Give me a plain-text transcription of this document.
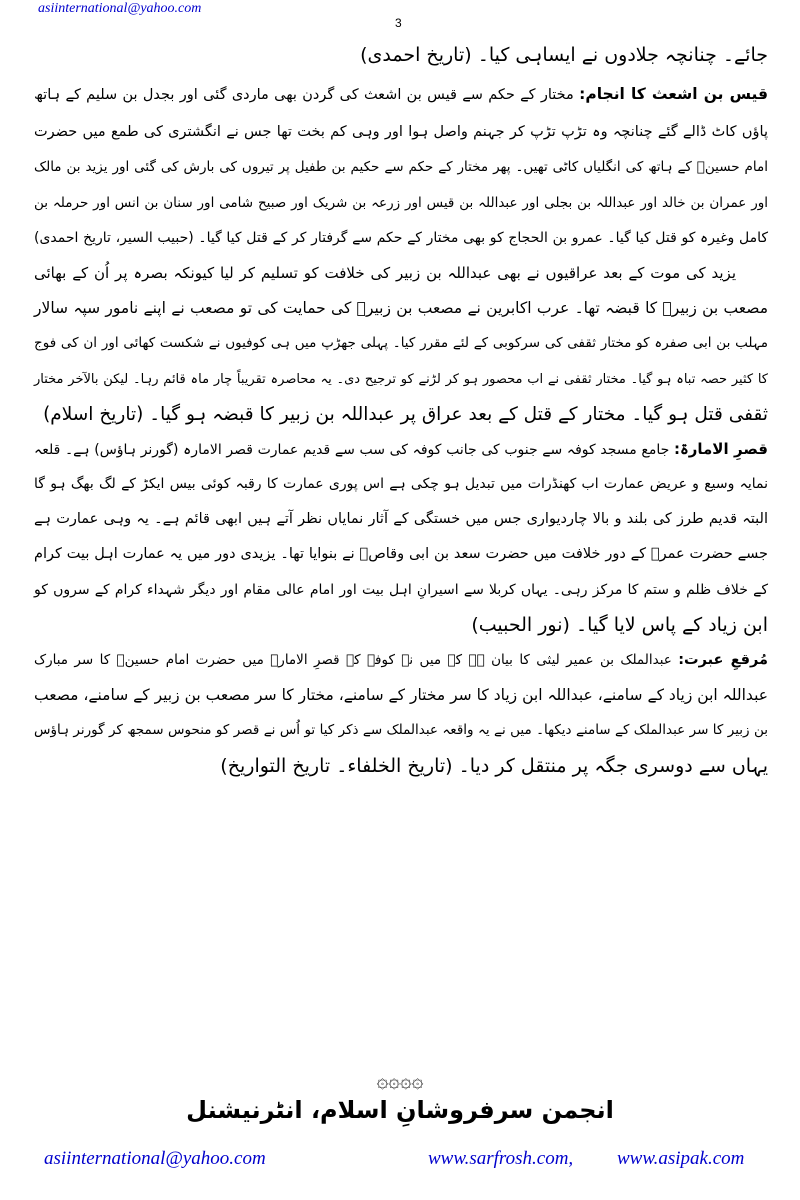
asiinternational@yahoo.com
3
جائے۔ چنانچہ جلادوں نے ایساہی کیا۔ (تاریخ احمدی)
قیس بن اشعث کا انجام: مختار کے حکم سے قیس بن اشعث کی گردن بھی ماردی گئی اور بجدل بن سلیم کے ہاتھ
پاؤں کاٹ ڈالے گئے چنانچہ وہ تڑپ تڑپ کر جہنم واصل ہوا اور وہی کم بخت تھا جس نے انگشتری کی طمع میں حضرت
امام حسینؑ کے ہاتھ کی انگلیاں کاٹی تھیں۔ پھر مختار کے حکم سے حکیم بن طفیل پر تیروں کی بارش کی گئی اور یزید بن مالک
اور عمران بن خالد اور عبداللہ بن بجلی اور عبداللہ بن قیس اور زرعہ بن شریک اور صبیح شامی اور سنان بن انس اور حرملہ بن
کامل وغیرہ کو قتل کیا گیا۔ عمرو بن الحجاج کو بھی مختار کے حکم سے گرفتار کر کے قتل کیا گیا۔ (حبیب السیر، تاریخ احمدی)
یزید کی موت کے بعد عراقیوں نے بھی عبداللہ بن زبیر کی خلافت کو تسلیم کر لیا کیونکہ بصرہ پر اُن کے بھائی
مصعب بن زبیرؓ کا قبضہ تھا۔ عرب اکابرین نے مصعب بن زبیرؓ کی حمایت کی تو مصعب نے اپنے نامور سپہ سالار
مہلب بن ابی صفرہ کو مختار ثقفی کی سرکوبی کے لئے مقرر کیا۔ پہلی جھڑپ میں ہی کوفیوں نے شکست کھائی اور ان کی فوج
کا کثیر حصہ تباہ ہو گیا۔ مختار ثقفی نے اب محصور ہو کر لڑنے کو ترجیح دی۔ یہ محاصرہ تقریباً چار ماہ قائم رہا۔ لیکن بالآخر مختار
ثقفی قتل ہو گیا۔ مختار کے قتل کے بعد عراق پر عبداللہ بن زبیر کا قبضہ ہو گیا۔ (تاریخ اسلام)
قصرِ الامارۃ: جامع مسجد کوفہ سے جنوب کی جانب کوفہ کی سب سے قدیم عمارت قصر الامارہ (گورنر ہاؤس) ہے۔ قلعہ
نمایہ وسیع و عریض عمارت اب کھنڈرات میں تبدیل ہو چکی ہے اس پوری عمارت کا رقبہ کوئی بیس ایکڑ کے لگ بھگ ہو گا
البتہ قدیم طرز کی بلند و بالا چاردیواری جس میں خستگی کے آثار نمایاں نظر آتے ہیں ابھی قائم ہے۔ یہ وہی عمارت ہے
جسے حضرت عمرؓ کے دور خلافت میں حضرت سعد بن ابی وقاصؓ نے بنوایا تھا۔ یزیدی دور میں یہ عمارت اہل بیت کرام
کے خلاف ظلم و ستم کا مرکز رہی۔ یہاں کربلا سے اسیرانِ اہل بیت اور امام عالی مقام اور دیگر شہداء کرام کے سروں کو
ابن زیاد کے پاس لایا گیا۔ (نور الحبیب)
مُرقعِ عبرت: عبدالملک بن عمیر لیثی کا بیان ہے کہ میں نے کوفہ کے قصرِ الامارہ میں حضرت امام حسینؑ کا سر مبارک
عبداللہ ابن زیاد کے سامنے، عبداللہ ابن زیاد کا سر مختار کے سامنے، مختار کا سر مصعب بن زبیر کے سامنے، مصعب
بن زبیر کا سر عبدالملک کے سامنے دیکھا۔ میں نے یہ واقعہ عبدالملک سے ذکر کیا تو اُس نے قصر کو منحوس سمجھ کر گورنر ہاؤس
یہاں سے دوسری جگہ پر منتقل کر دیا۔ (تاریخ الخلفاء۔ تاریخ التواریخ)
۞۞۞۞
انجمن سرفروشانِ اسلام، انٹرنیشنل
asiinternational@yahoo.com	www.sarfrosh.com, www.asipak.com
